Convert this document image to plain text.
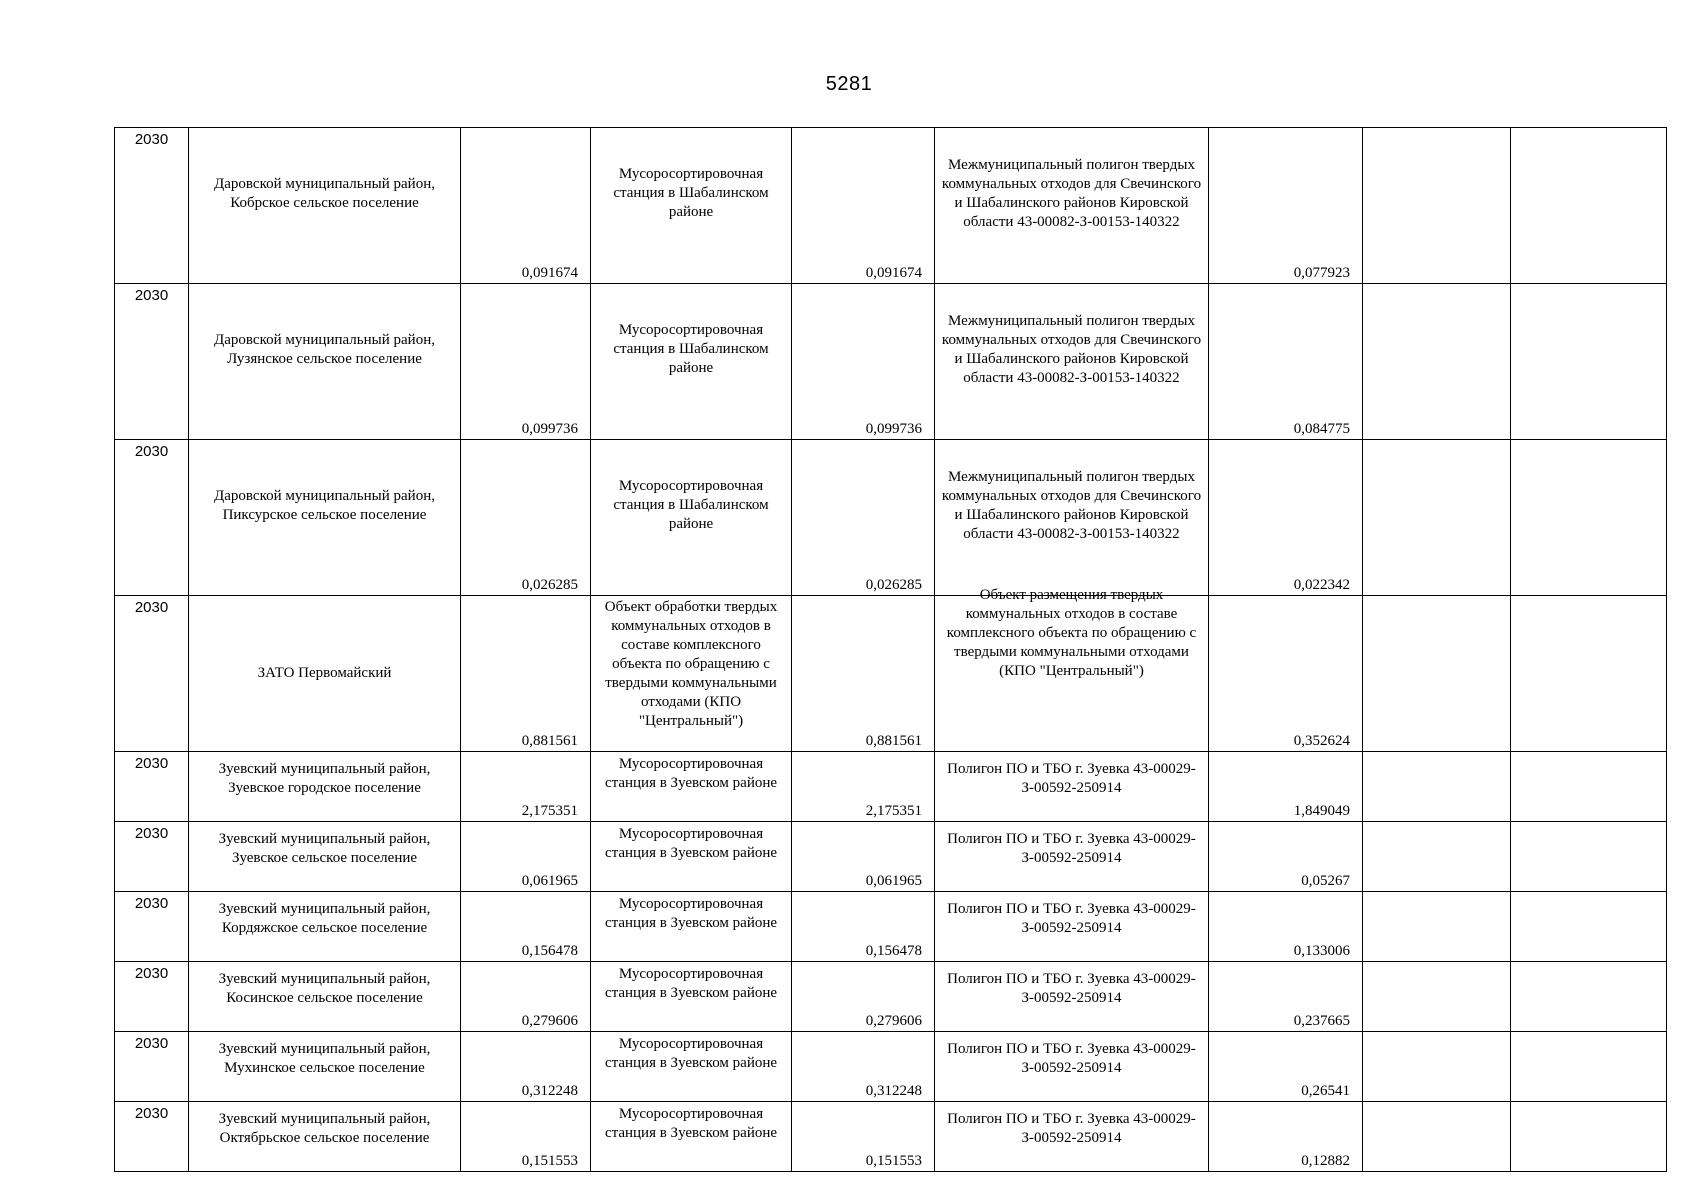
5281
2030	Даровской муниципальный район, Кобрское сельское поселение	0,091674	Мусоросортировочная станция в Шабалинском районе	0,091674	Межмуниципальный полигон твердых коммунальных отходов для Свечинского и Шабалинского районов Кировской области 43-00082-З-00153-140322	0,077923		
2030	Даровской муниципальный район, Лузянское сельское поселение	0,099736	Мусоросортировочная станция в Шабалинском районе	0,099736	Межмуниципальный полигон твердых коммунальных отходов для Свечинского и Шабалинского районов Кировской области 43-00082-З-00153-140322	0,084775		
2030	Даровской муниципальный район, Пиксурское сельское поселение	0,026285	Мусоросортировочная станция в Шабалинском районе	0,026285	Межмуниципальный полигон твердых коммунальных отходов для Свечинского и Шабалинского районов Кировской области 43-00082-З-00153-140322	0,022342		
2030	ЗАТО Первомайский	0,881561	Объект обработки твердых коммунальных отходов в составе комплексного объекта по обращению с твердыми коммунальными отходами (КПО "Центральный")	0,881561	Объект размещения твердых коммунальных отходов в составе комплексного объекта по обращению с твердыми коммунальными отходами (КПО "Центральный")	0,352624		
2030	Зуевский муниципальный район, Зуевское городское поселение	2,175351	Мусоросортировочная станция в Зуевском районе	2,175351	Полигон ПО и ТБО г. Зуевка 43-00029-З-00592-250914	1,849049		
2030	Зуевский муниципальный район, Зуевское сельское поселение	0,061965	Мусоросортировочная станция в Зуевском районе	0,061965	Полигон ПО и ТБО г. Зуевка 43-00029-З-00592-250914	0,05267		
2030	Зуевский муниципальный район, Кордяжское сельское поселение	0,156478	Мусоросортировочная станция в Зуевском районе	0,156478	Полигон ПО и ТБО г. Зуевка 43-00029-З-00592-250914	0,133006		
2030	Зуевский муниципальный район, Косинское сельское поселение	0,279606	Мусоросортировочная станция в Зуевском районе	0,279606	Полигон ПО и ТБО г. Зуевка 43-00029-З-00592-250914	0,237665		
2030	Зуевский муниципальный район, Мухинское сельское поселение	0,312248	Мусоросортировочная станция в Зуевском районе	0,312248	Полигон ПО и ТБО г. Зуевка 43-00029-З-00592-250914	0,26541		
2030	Зуевский муниципальный район, Октябрьское сельское поселение	0,151553	Мусоросортировочная станция в Зуевском районе	0,151553	Полигон ПО и ТБО г. Зуевка 43-00029-З-00592-250914	0,12882		
